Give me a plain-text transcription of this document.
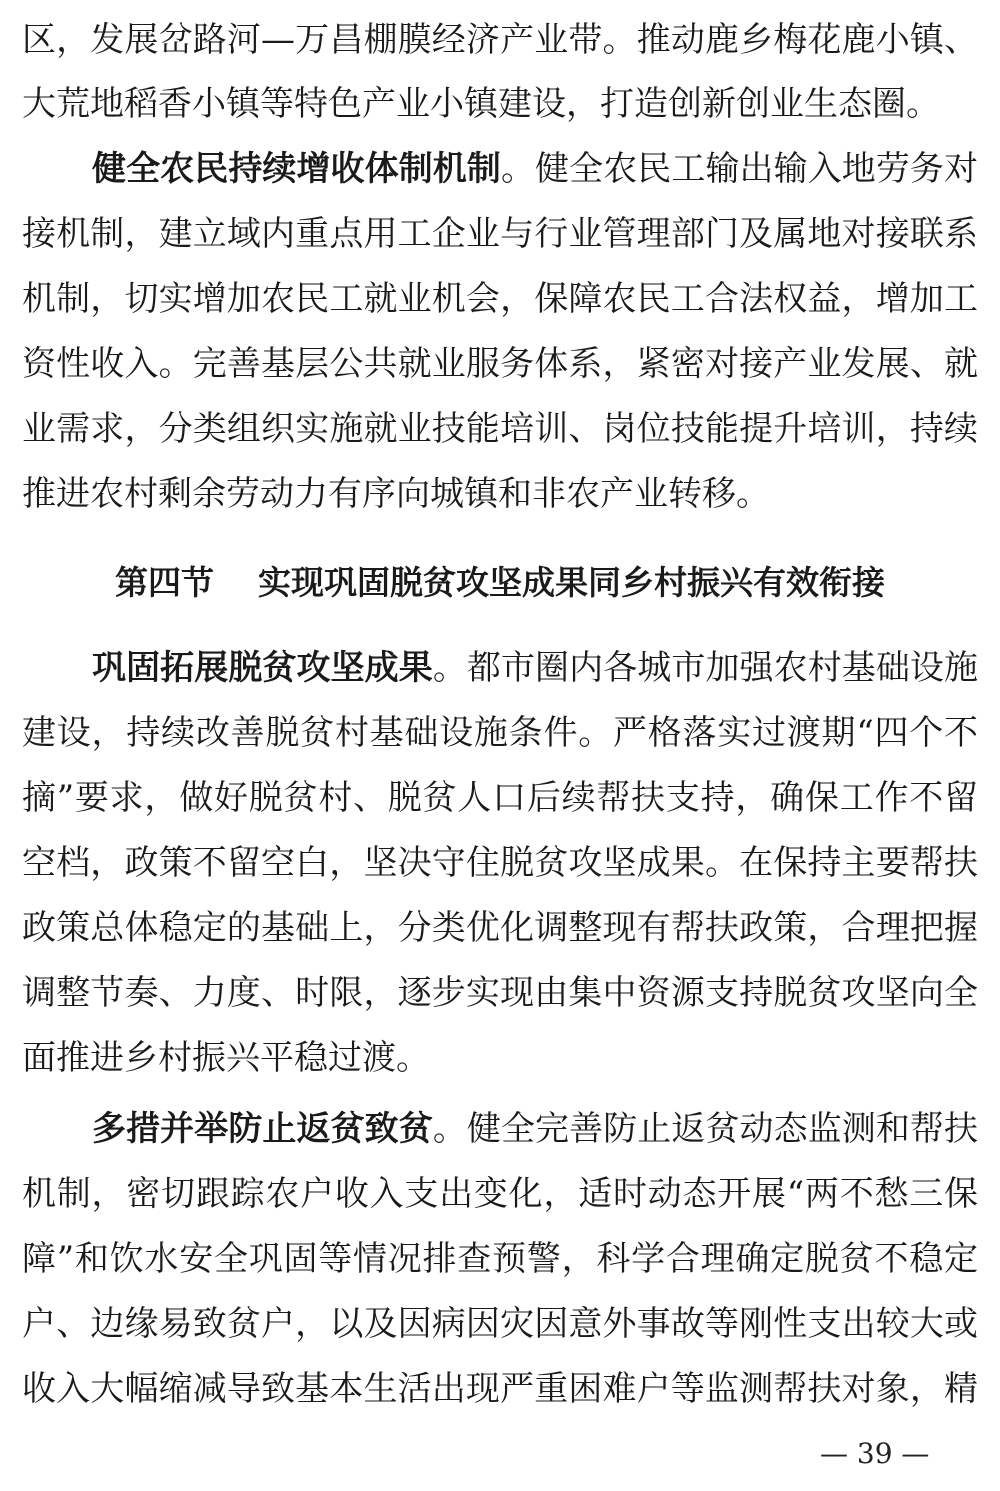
区，发展岔路河—万昌棚膜经济产业带。推动鹿乡梅花鹿小镇、
大荒地稻香小镇等特色产业小镇建设，打造创新创业生态圈。
健全农民持续增收体制机制。健全农民工输出输入地劳务对
接机制，建立域内重点用工企业与行业管理部门及属地对接联系
机制，切实增加农民工就业机会，保障农民工合法权益，增加工
资性收入。完善基层公共就业服务体系，紧密对接产业发展、就
业需求，分类组织实施就业技能培训、岗位技能提升培训，持续
推进农村剩余劳动力有序向城镇和非农产业转移。
第四节 实现巩固脱贫攻坚成果同乡村振兴有效衔接
巩固拓展脱贫攻坚成果。都市圈内各城市加强农村基础设施
建设，持续改善脱贫村基础设施条件。严格落实过渡期“四个不
摘”要求，做好脱贫村、脱贫人口后续帮扶支持，确保工作不留
空档，政策不留空白，坚决守住脱贫攻坚成果。在保持主要帮扶
政策总体稳定的基础上，分类优化调整现有帮扶政策，合理把握
调整节奏、力度、时限，逐步实现由集中资源支持脱贫攻坚向全
面推进乡村振兴平稳过渡。
多措并举防止返贫致贫。健全完善防止返贫动态监测和帮扶
机制，密切跟踪农户收入支出变化，适时动态开展“两不愁三保
障”和饮水安全巩固等情况排查预警，科学合理确定脱贫不稳定
户、边缘易致贫户，以及因病因灾因意外事故等刚性支出较大或
收入大幅缩减导致基本生活出现严重困难户等监测帮扶对象，精
— 39 —
